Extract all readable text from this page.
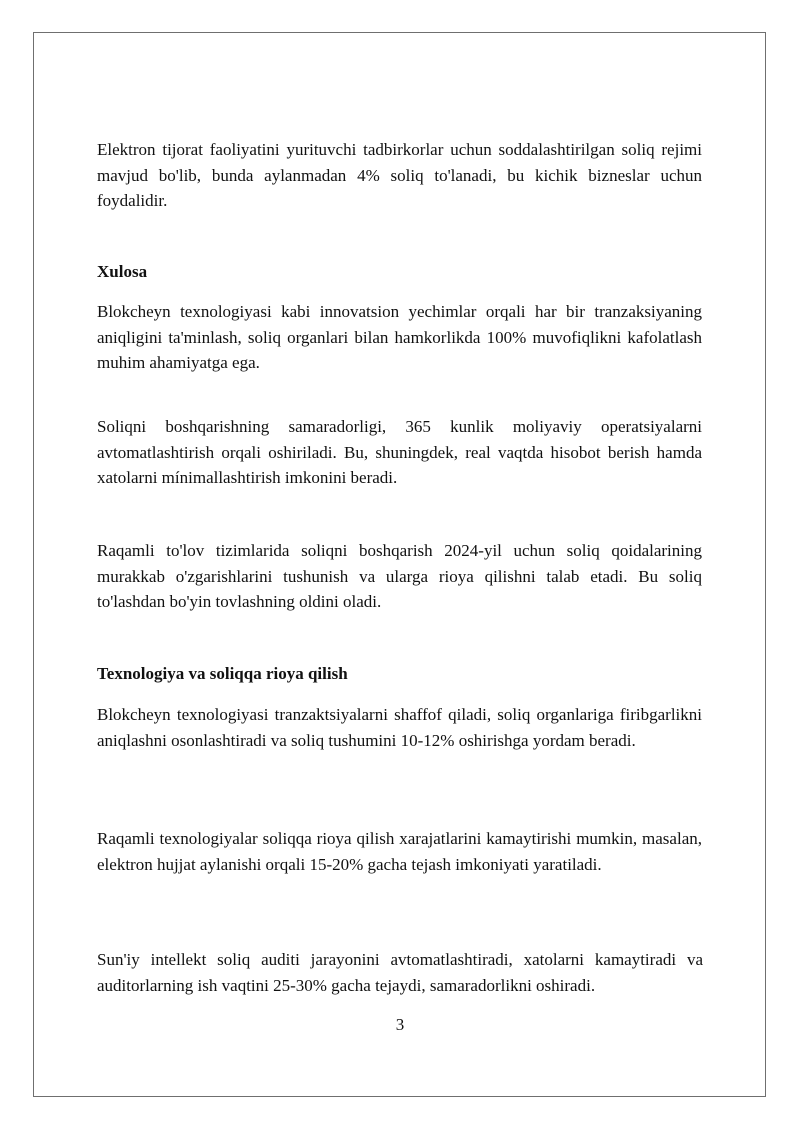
Elektron tijorat faoliyatini yurituvchi tadbirkorlar uchun soddalashtirilgan soliq rejimi mavjud bo'lib, bunda aylanmadan 4% soliq to'lanadi, bu kichik bizneslar uchun foydalidir.

Xulosa

Blokcheyn texnologiyasi kabi innovatsion yechimlar orqali har bir tranzaksiyaning aniqligini ta'minlash, soliq organlari bilan hamkorlikda 100% muvofiqlikni kafolatlash muhim ahamiyatga ega.

Soliqni boshqarishning samaradorligi, 365 kunlik moliyaviy operatsiyalarni avtomatlashtirish orqali oshiriladi. Bu, shuningdek, real vaqtda hisobot berish hamda xatolarni mínimallashtirish imkonini beradi.

Raqamli to'lov tizimlarida soliqni boshqarish 2024-yil uchun soliq qoidalarining murakkab o'zgarishlarini tushunish va ularga rioya qilishni talab etadi. Bu soliq to'lashdan bo'yin tovlashning oldini oladi.

Texnologiya va soliqqa rioya qilish

Blokcheyn texnologiyasi tranzaktsiyalarni shaffof qiladi, soliq organlariga firibgarlikni aniqlashni osonlashtiradi va soliq tushumini 10-12% oshirishga yordam beradi.

Raqamli texnologiyalar soliqqa rioya qilish xarajatlarini kamaytirishi mumkin, masalan, elektron hujjat aylanishi orqali 15-20% gacha tejash imkoniyati yaratiladi.

Sun'iy intellekt soliq auditi jarayonini avtomatlashtiradi, xatolarni kamaytiradi va auditorlarning ish vaqtini 25-30% gacha tejaydi, samaradorlikni oshiradi.

3
